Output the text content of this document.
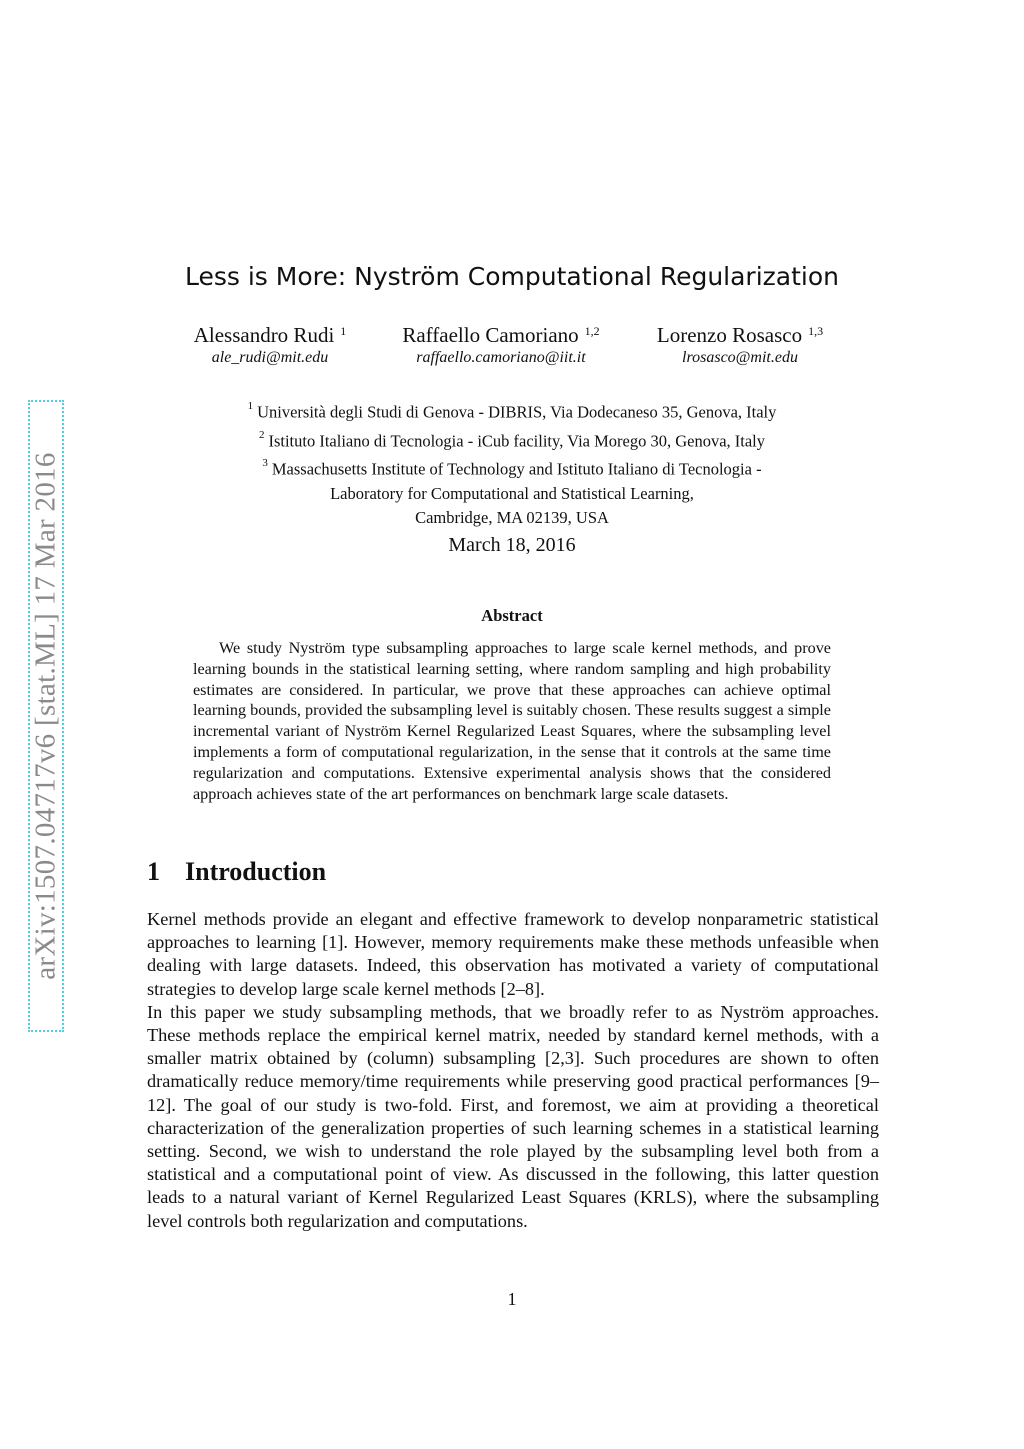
arXiv:1507.04717v6 [stat.ML] 17 Mar 2016
Less is More: Nyström Computational Regularization
Alessandro Rudi $^1$
ale_rudi@mit.edu
Raffaello Camoriano $^{1,2}$
raffaello.camoriano@iit.it
Lorenzo Rosasco $^{1,3}$
lrosasco@mit.edu
$^1$ Università degli Studi di Genova - DIBRIS, Via Dodecaneso 35, Genova, Italy
$^2$ Istituto Italiano di Tecnologia - iCub facility, Via Morego 30, Genova, Italy
$^3$ Massachusetts Institute of Technology and Istituto Italiano di Tecnologia -
Laboratory for Computational and Statistical Learning,
Cambridge, MA 02139, USA
March 18, 2016
Abstract
We study Nyström type subsampling approaches to large scale kernel methods, and prove learning bounds in the statistical learning setting, where random sampling and high probability estimates are considered. In particular, we prove that these approaches can achieve optimal learning bounds, provided the subsampling level is suitably chosen. These results suggest a simple incremental variant of Nyström Kernel Regularized Least Squares, where the subsampling level implements a form of computational regularization, in the sense that it controls at the same time regularization and computations. Extensive experimental analysis shows that the considered approach achieves state of the art performances on benchmark large scale datasets.
1 Introduction

Kernel methods provide an elegant and effective framework to develop nonparametric statistical approaches to learning [1]. However, memory requirements make these methods unfeasible when dealing with large datasets. Indeed, this observation has motivated a variety of computational strategies to develop large scale kernel methods [2–8].

In this paper we study subsampling methods, that we broadly refer to as Nyström approaches. These methods replace the empirical kernel matrix, needed by standard kernel methods, with a smaller matrix obtained by (column) subsampling [2,3]. Such procedures are shown to often dramatically reduce memory/time requirements while preserving good practical performances [9–12]. The goal of our study is two-fold. First, and foremost, we aim at providing a theoretical characterization of the generalization properties of such learning schemes in a statistical learning setting. Second, we wish to understand the role played by the subsampling level both from a statistical and a computational point of view. As discussed in the following, this latter question leads to a natural variant of Kernel Regularized Least Squares (KRLS), where the subsampling level controls both regularization and computations.

1
